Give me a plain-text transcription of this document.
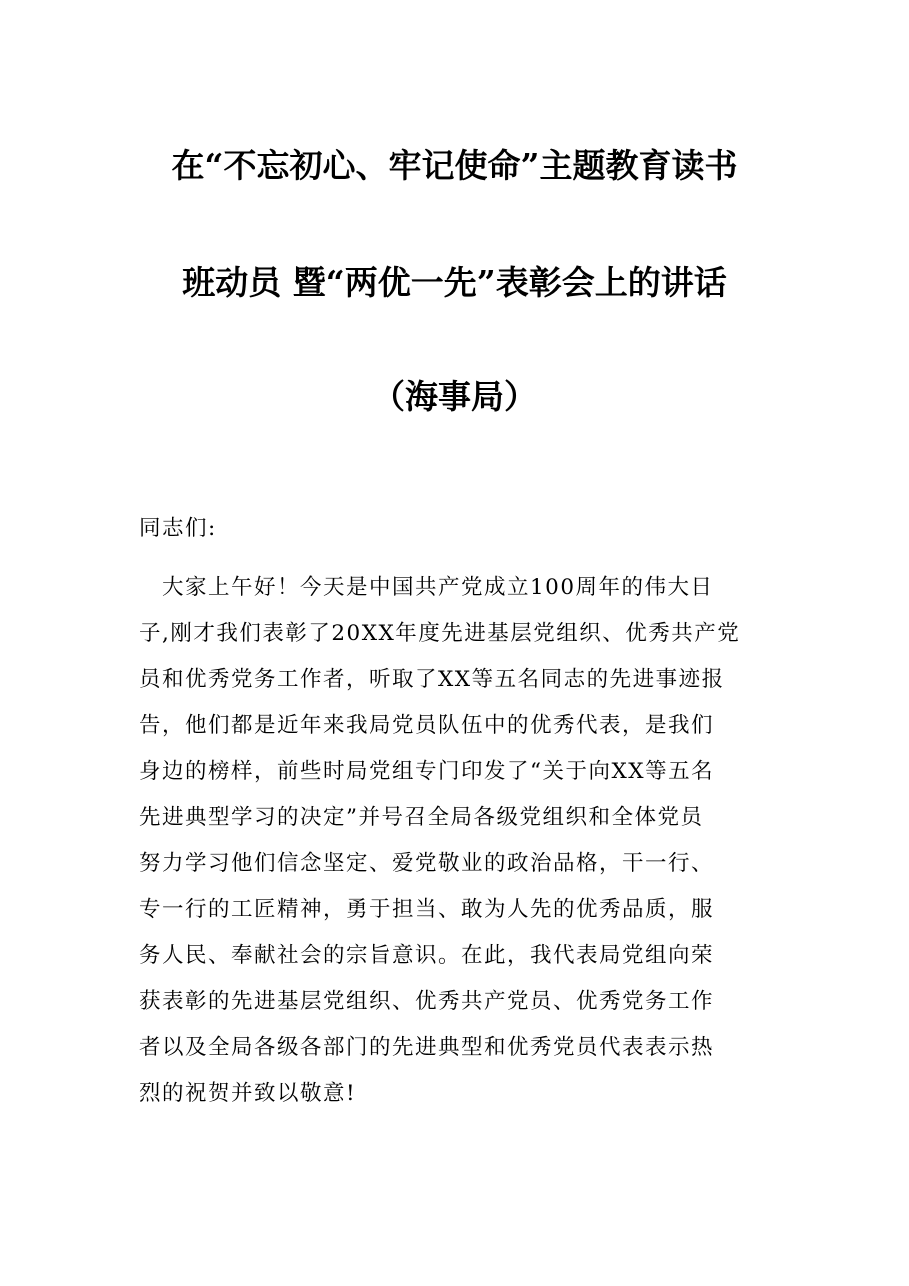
在“不忘初心、牢记使命”主题教育读书
班动员 暨“两优一先”表彰会上的讲话
（海事局）
同志们:
　大家上午好！今天是中国共产党成立100周年的伟大日
子,刚才我们表彰了20XX年度先进基层党组织、优秀共产党
员和优秀党务工作者，听取了XX等五名同志的先进事迹报
告，他们都是近年来我局党员队伍中的优秀代表，是我们
身边的榜样，前些时局党组专门印发了“关于向XX等五名
先进典型学习的决定”并号召全局各级党组织和全体党员
努力学习他们信念坚定、爱党敬业的政治品格，干一行、
专一行的工匠精神，勇于担当、敢为人先的优秀品质，服
务人民、奉献社会的宗旨意识。在此，我代表局党组向荣
获表彰的先进基层党组织、优秀共产党员、优秀党务工作
者以及全局各级各部门的先进典型和优秀党员代表表示热
烈的祝贺并致以敬意!
